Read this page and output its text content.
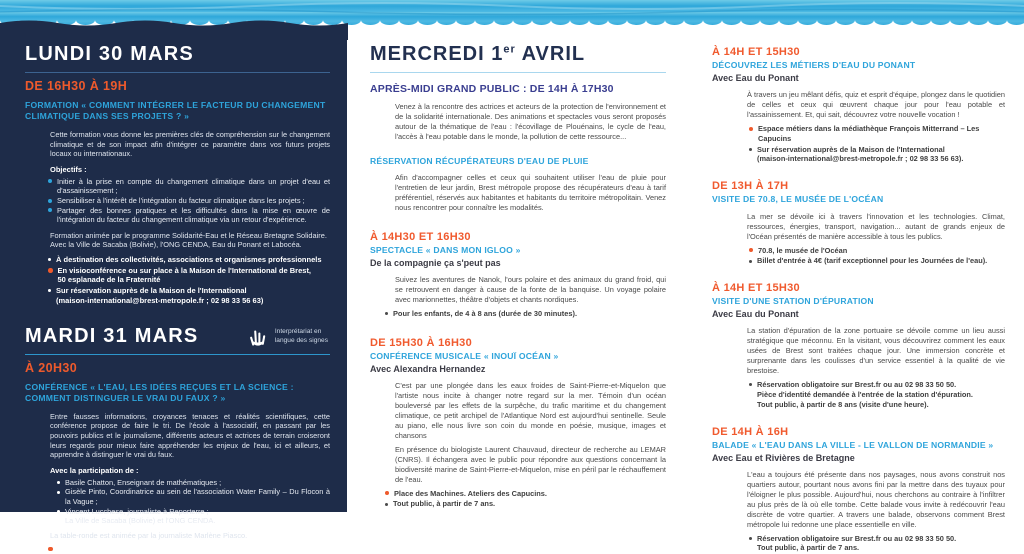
LUNDI 30 MARS
DE 16H30 À 19H
FORMATION « COMMENT INTÉGRER LE FACTEUR DU CHANGEMENT CLIMATIQUE DANS SES PROJETS ? »
Cette formation vous donne les premières clés de compréhension sur le changement climatique et de son impact afin d'intégrer ce paramètre dans vos futurs projets locaux ou internationaux.
Objectifs :
Initier à la prise en compte du changement climatique dans un projet d'eau et d'assainissement ;
Sensibiliser à l'intérêt de l'intégration du facteur climatique dans les projets ;
Partager des bonnes pratiques et les difficultés dans la mise en œuvre de l'intégration du facteur du changement climatique via un retour d'expérience.
Formation animée par le programme Solidarité-Eau et le Réseau Bretagne Solidaire. Avec la Ville de Sacaba (Bolivie), l'ONG CENDA, Eau du Ponant et Labocéa.
À destination des collectivités, associations et organismes professionnels
En visioconférence ou sur place à la Maison de l'International de Brest,
50 esplanade de la Fraternité
Sur réservation auprès de la Maison de l'International
(maison-international@brest-metropole.fr ; 02 98 33 56 63)
MARDI 31 MARS	Interprétariat en
langue des signes
À 20H30
CONFÉRENCE « L'EAU, LES IDÉES REÇUES ET LA SCIENCE : COMMENT DISTINGUER LE VRAI DU FAUX ? »
Entre fausses informations, croyances tenaces et réalités scientifiques, cette conférence propose de faire le tri. De l'école à l'associatif, en passant par les pouvoirs publics et le journalisme, différents acteurs et actrices de terrain croiseront leurs regards pour mieux faire appréhender les enjeux de l'eau, ici et ailleurs, et apprendre à distinguer le vrai du faux.
Avec la participation de :
Basile Chatton, Enseignant de mathématiques ;
Gisèle Pinto, Coordinatrice au sein de l'association Water Family – Du Flocon à la Vague ;
Vincent Lucchese, journaliste à Reporterre ;
La Ville de Sacaba (Bolivie) et l'ONG CENDA.
La table-ronde est animée par la journaliste Marlène Piasco.
Auditorium d'Océanopolis. Accès bus ligne 3 arrêt Océanopolis.
MERCREDI 1er AVRIL
APRÈS-MIDI GRAND PUBLIC : DE 14H À 17H30
Venez à la rencontre des actrices et acteurs de la protection de l'environnement et de la solidarité internationale. Des animations et spectacles vous seront proposés autour de la thématique de l'eau : l'écovillage de Plouénains, le cycle de l'eau, l'accès à l'eau potable dans le monde, la pollution de cette ressource...
RÉSERVATION RÉCUPÉRATEURS D'EAU DE PLUIE
Afin d'accompagner celles et ceux qui souhaitent utiliser l'eau de pluie pour l'entretien de leur jardin, Brest métropole propose des récupérateurs d'eau à tarif préférentiel, réservés aux habitantes et habitants du territoire métropolitain. Venez nous rencontrer pour connaître les modalités.
À 14H30 ET 16H30
SPECTACLE « DANS MON IGLOO »
De la compagnie ça s'peut pas
Suivez les aventures de Nanok, l'ours polaire et des animaux du grand froid, qui se retrouvent en danger à cause de la fonte de la banquise. Un voyage polaire avec marionnettes, théâtre d'objets et chants nordiques.
Pour les enfants, de 4 à 8 ans (durée de 30 minutes).
DE 15H30 À 16H30
CONFÉRENCE MUSICALE « INOUÏ OCÉAN »
Avec Alexandra Hernandez
C'est par une plongée dans les eaux froides de Saint-Pierre-et-Miquelon que l'artiste nous incite à changer notre regard sur la mer. Témoin d'un océan bouleversé par les effets de la surpêche, du trafic maritime et du changement climatique, ce petit archipel de l'Atlantique Nord est aujourd'hui sentinelle. Seule au piano, elle nous livre son coin du monde en poésie, musique, images et chansons
En présence du biologiste Laurent Chauvaud, directeur de recherche au LEMAR (CNRS). Il échangera avec le public pour répondre aux questions concernant la biodiversité marine de Saint-Pierre-et-Miquelon, mise en péril par le réchauffement de l'eau.
Place des Machines. Ateliers des Capucins.
Tout public, à partir de 7 ans.
À 14H ET 15H30
DÉCOUVREZ LES MÉTIERS D'EAU DU PONANT
Avec Eau du Ponant
À travers un jeu mêlant défis, quiz et esprit d'équipe, plongez dans le quotidien de celles et ceux qui œuvrent chaque jour pour l'eau potable et l'assainissement. Et, qui sait, découvrez votre nouvelle vocation !
Espace métiers dans la médiathèque François Mitterrand – Les Capucins
Sur réservation auprès de la Maison de l'International
(maison-international@brest-metropole.fr ; 02 98 33 56 63).
DE 13H À 17H
VISITE DE 70.8, LE MUSÉE DE L'OCÉAN
La mer se dévoile ici à travers l'innovation et les technologies. Climat, ressources, énergies, transport, navigation... autant de grands enjeux de l'Océan présentés de manière accessible à tous les publics.
70.8, le musée de l'Océan
Billet d'entrée à 4€ (tarif exceptionnel pour les Journées de l'eau).
À 14H ET 15H30
VISITE D'UNE STATION D'ÉPURATION
Avec Eau du Ponant
La station d'épuration de la zone portuaire se dévoile comme un lieu aussi stratégique que méconnu. En la visitant, vous découvrirez comment les eaux usées de Brest sont traitées chaque jour. Une immersion concrète et surprenante dans les coulisses d'un service essentiel à la qualité de vie brestoise.
Réservation obligatoire sur Brest.fr ou au 02 98 33 50 50.
Pièce d'identité demandée à l'entrée de la station d'épuration.
Tout public, à partir de 8 ans (visite d'une heure).
DE 14H À 16H
BALADE « L'EAU DANS LA VILLE - LE VALLON DE NORMANDIE »
Avec Eau et Rivières de Bretagne
L'eau a toujours été présente dans nos paysages, nous avons construit nos quartiers autour, pourtant nous avons fini par la mettre dans des tuyaux pour l'éloigner le plus possible. Aujourd'hui, nous cherchons au contraire à l'infiltrer au plus près de là où elle tombe. Cette balade vous invite à redécouvrir l'eau discrète de votre quartier. A travers une balade, observons comment Brest métropole lui redonne une place essentielle en ville.
Réservation obligatoire sur Brest.fr ou au 02 98 33 50 50.
Tout public, à partir de 7 ans.
